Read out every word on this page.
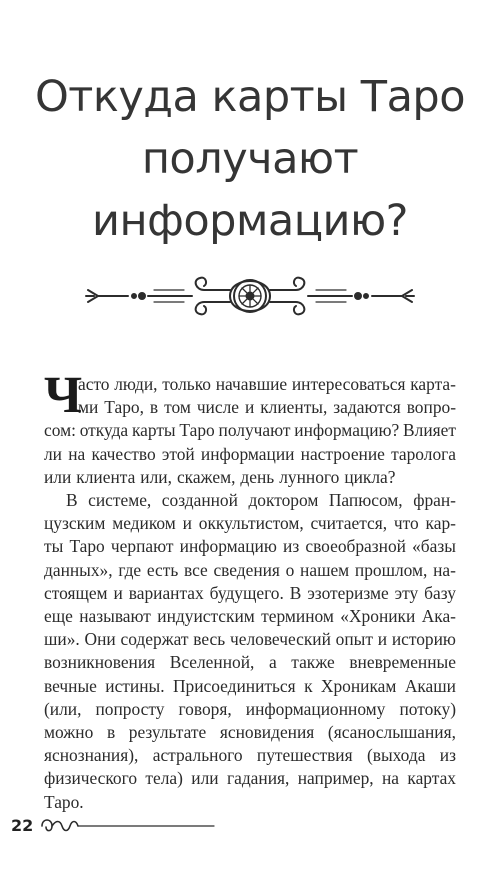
Откуда карты Таро
получают
информацию?
Ч
асто люди, только начавшие интересоваться карта-
ми Таро, в том числе и клиенты, задаются вопро-
сом: откуда карты Таро получают информацию? Влияет
ли на качество этой информации настроение таролога
или клиента или, скажем, день лунного цикла?
В системе, созданной доктором Папюсом, фран-
цузским медиком и оккультистом, считается, что кар-
ты Таро черпают информацию из своеобразной «базы
данных», где есть все сведения о нашем прошлом, на-
стоящем и вариантах будущего. В эзотеризме эту базу
еще называют индуистским термином «Хроники Ака-
ши». Они содержат весь человеческий опыт и историю
возникновения Вселенной, а также вневременные
вечные истины. Присоединиться к Хроникам Акаши
(или, попросту говоря, информационному потоку)
можно в результате ясновидения (ясанослышания,
яснознания), астрального путешествия (выхода из
физического тела) или гадания, например, на картах
Таро.
22
